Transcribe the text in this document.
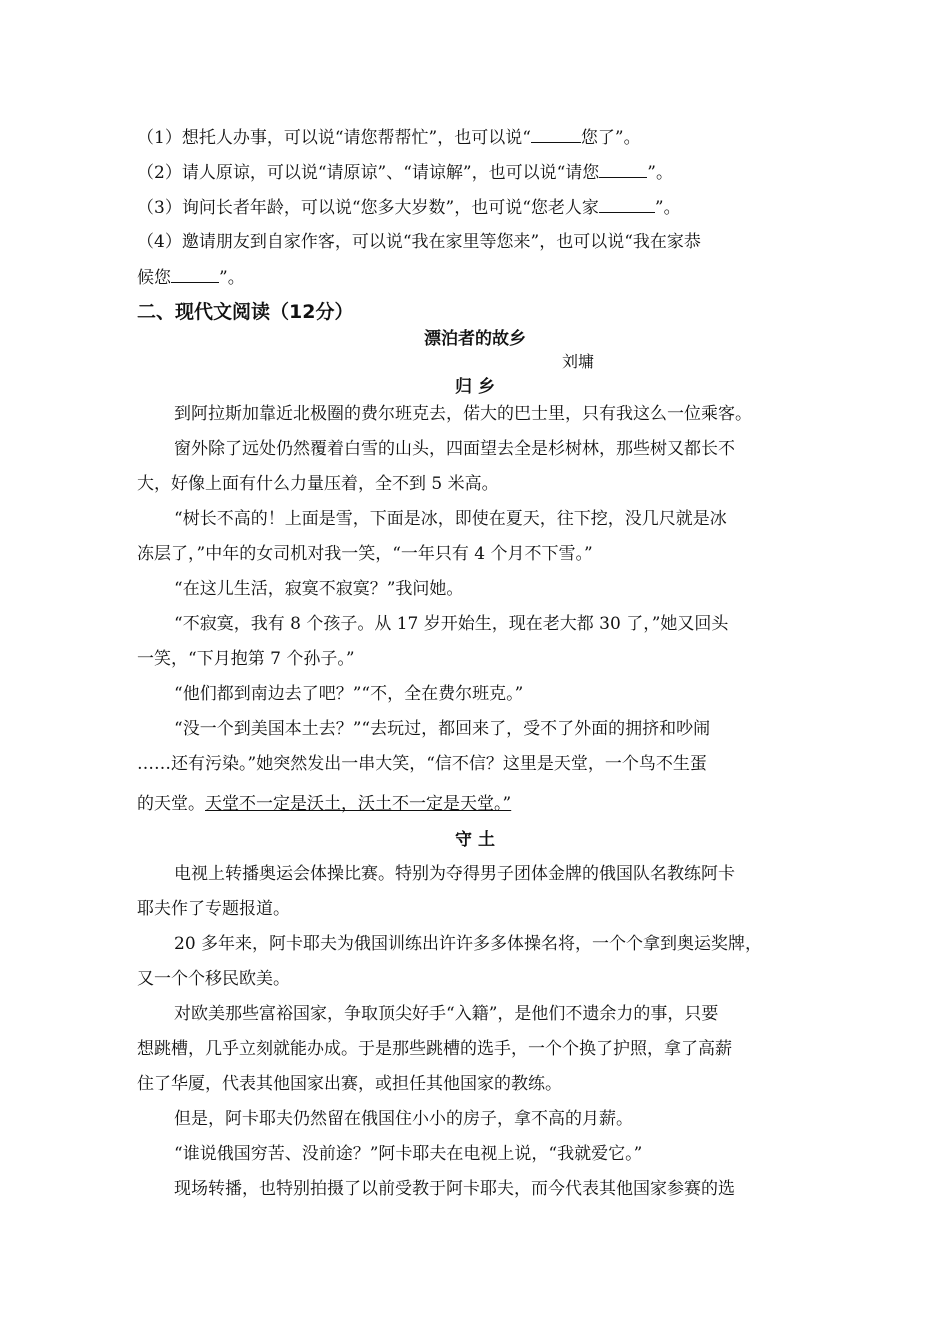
（1）想托人办事，可以说“请您帮帮忙”，也可以说“	您了”。
（2）请人原谅，可以说“请原谅”、“请谅解”，也可以说“请您	”。
（3）询问长者年龄，可以说“您多大岁数”，也可说“您老人家	”。
（4）邀请朋友到自家作客，可以说“我在家里等您来”，也可以说“我在家恭
候您	”。
二、现代文阅读（12分）
漂泊者的故乡
刘墉
归 乡
到阿拉斯加靠近北极圈的费尔班克去，偌大的巴士里，只有我这么一位乘客。
窗外除了远处仍然覆着白雪的山头，四面望去全是杉树林，那些树又都长不
大，好像上面有什么力量压着，全不到 5 米高。
“树长不高的！上面是雪，下面是冰，即使在夏天，往下挖，没几尺就是冰
冻层了，”中年的女司机对我一笑，“一年只有 4 个月不下雪。”
“在这儿生活，寂寞不寂寞？”我问她。
“不寂寞，我有 8 个孩子。从 17 岁开始生，现在老大都 30 了，”她又回头
一笑，“下月抱第 7 个孙子。”
“他们都到南边去了吧？”“不，全在费尔班克。”
“没一个到美国本土去？”“去玩过，都回来了，受不了外面的拥挤和吵闹
……还有污染。”她突然发出一串大笑，“信不信？这里是天堂，一个鸟不生蛋
的天堂。天堂不一定是沃土，沃土不一定是天堂。”
守 土
电视上转播奥运会体操比赛。特别为夺得男子团体金牌的俄国队名教练阿卡
耶夫作了专题报道。
20 多年来，阿卡耶夫为俄国训练出许许多多体操名将，一个个拿到奥运奖牌，
又一个个移民欧美。
对欧美那些富裕国家，争取顶尖好手“入籍”，是他们不遗余力的事，只要
想跳槽，几乎立刻就能办成。于是那些跳槽的选手，一个个换了护照，拿了高薪
住了华厦，代表其他国家出赛，或担任其他国家的教练。
但是，阿卡耶夫仍然留在俄国住小小的房子，拿不高的月薪。
“谁说俄国穷苦、没前途？”阿卡耶夫在电视上说，“我就爱它。”
现场转播，也特别拍摄了以前受教于阿卡耶夫，而今代表其他国家参赛的选
